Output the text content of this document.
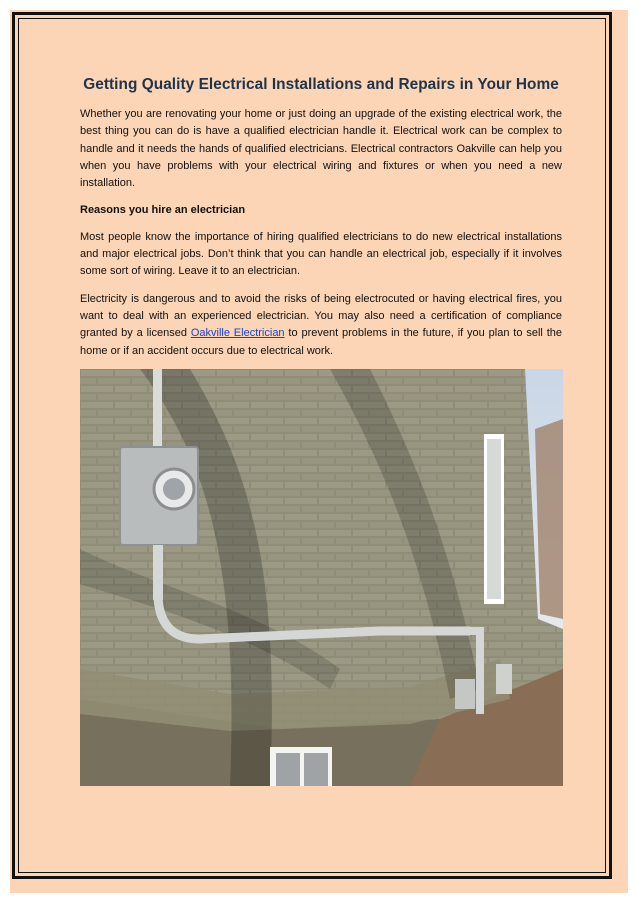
Getting Quality Electrical Installations and Repairs in Your Home

Whether you are renovating your home or just doing an upgrade of the existing electrical work, the best thing you can do is have a qualified electrician handle it. Electrical work can be complex to handle and it needs the hands of qualified electricians. Electrical contractors Oakville can help you when you have problems with your electrical wiring and fixtures or when you need a new installation.

Reasons you hire an electrician

Most people know the importance of hiring qualified electricians to do new electrical installations and major electrical jobs. Don’t think that you can handle an electrical job, especially if it involves some sort of wiring. Leave it to an electrician.

Electricity is dangerous and to avoid the risks of being electrocuted or having electrical fires, you want to deal with an experienced electrician. You may also need a certification of compliance granted by a licensed Oakville Electrician to prevent problems in the future, if you plan to sell the home or if an accident occurs due to electrical work.
